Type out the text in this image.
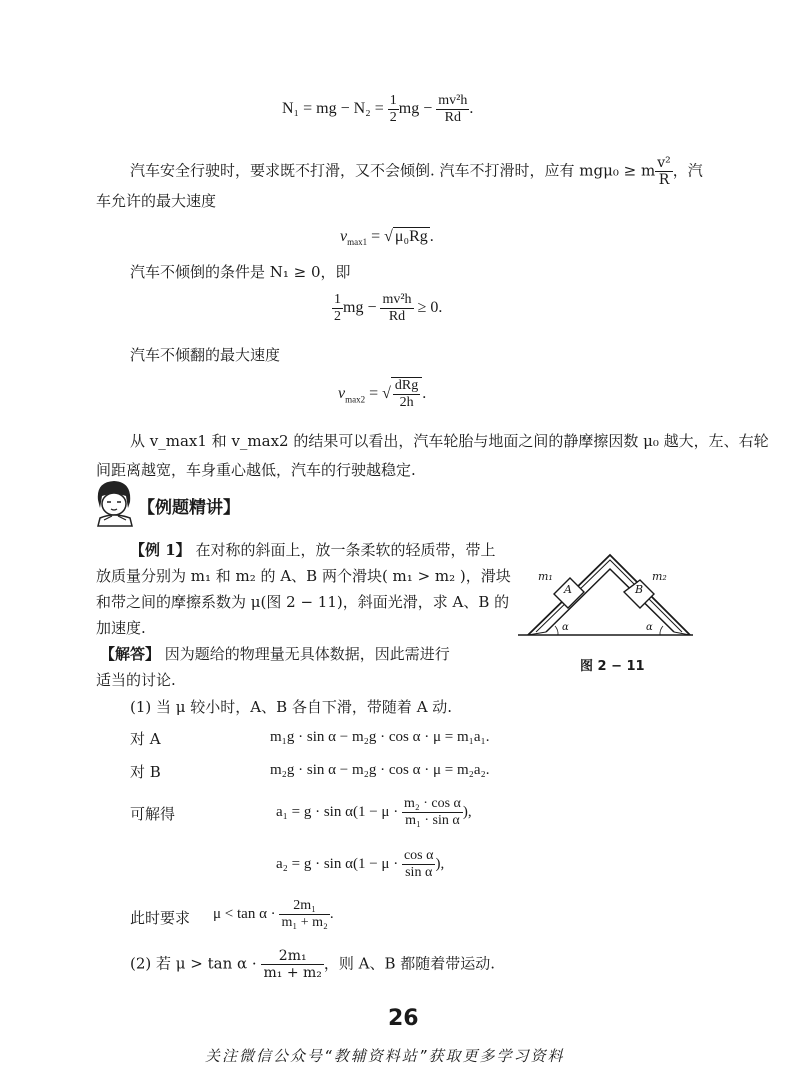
N₁ = mg − $N_2 = \frac{1}{2}$ mg − $\frac{\text{mv²h}}{Rd}$ .
汽车安全行驶时，要求既不打滑，又不会倾倒. 汽车不打滑时，应有 mgμ₀ ≥ m $\frac{\text{v²}}{R}$ ，汽
车允许的最大速度
$v_{max1}$ = √ μ₀Rg .
汽车不倾倒的条件是 N₁ ≥ 0，即
$\frac{1}{2}$ mg − $\frac{\text{mv²h}}{Rd} \ge 0$.
汽车不倾翻的最大速度
$v_{max2}$ = √ $\frac{\text{dRg}}{2h}$ .
从 v_max1 和 v_max2 的结果可以看出，汽车轮胎与地面之间的静摩擦因数 μ₀ 越大，左、右轮
间距离越宽，车身重心越低，汽车的行驶越稳定.
【例题精讲】
【例 1】 在对称的斜面上，放一条柔软的轻质带，带上
放质量分别为 m₁ 和 m₂ 的 A、B 两个滑块( m₁ > m₂ )，滑块
和带之间的摩擦系数为 μ(图 2 − 11)，斜面光滑，求 A、B 的
加速度.
【解答】 因为题给的物理量无具体数据，因此需进行
适当的讨论.
m₁	m₂
A	B
α	α
图 2 − 11
(1) 当 μ 较小时，A、B 各自下滑，带随着 A 动.
对 A	m₁g · sin α − m₂g · cos α · μ = m₁a₁.
对 B	m₂g · sin α − m₂g · cos α · μ = m₂a₂.
可解得	$a_1 = g \cdot \sin \alpha(1 - \mu \cdot \frac{\text{m₂ · cos α}}{\text{m₁ · sin α}}$ ),
$a_2 = g \cdot \sin \alpha(1 - \mu \cdot \frac{\text{cos α}}{\text{sin α}}$ ),
此时要求 $\mu < \tan \alpha \cdot \frac{\text{2m₁}}{\text{m₁ + m₂}}$ .
(2) 若 $\mu > \tan \alpha \cdot \frac{\text{2m₁}}{\text{m₁ + m₂}}$ ，则 A、B 都随着带运动.
26
关注微信公众号“教辅资料站”获取更多学习资料
